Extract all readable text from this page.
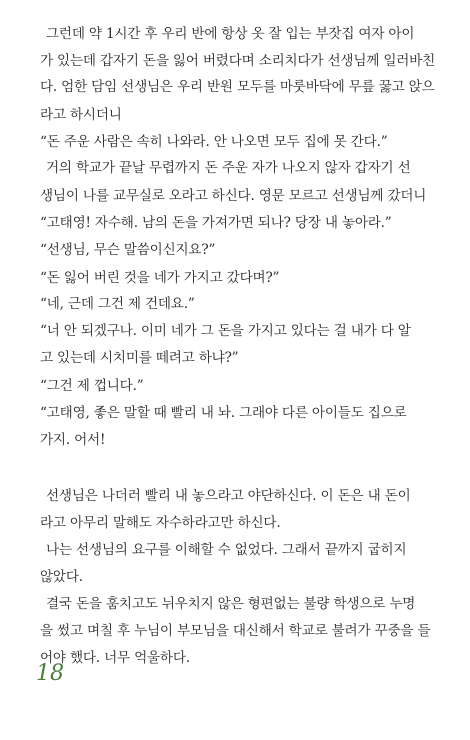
그런데 약 1시간 후 우리 반에 항상 옷 잘 입는 부잣집 여자 아이
가 있는데 갑자기 돈을 잃어 버렸다며 소리치다가 선생님께 일러바친
다. 엄한 담임 선생님은 우리 반원 모두를 마룻바닥에 무릎 꿇고 앉으
라고 하시더니
“돈 주운 사람은 속히 나와라. 안 나오면 모두 집에 못 간다.”
거의 학교가 끝날 무렵까지 돈 주운 자가 나오지 않자 갑자기 선
생님이 나를 교무실로 오라고 하신다. 영문 모르고 선생님께 갔더니
“고태영! 자수해. 남의 돈을 가져가면 되나? 당장 내 놓아라.”
“선생님, 무슨 말씀이신지요?”
“돈 잃어 버린 것을 네가 가지고 갔다며?”
“네, 근데 그건 제 건데요.”
“너 안 되겠구나. 이미 네가 그 돈을 가지고 있다는 걸 내가 다 알
고 있는데 시치미를 떼려고 하냐?”
“그건 제 껍니다.”
“고태영, 좋은 말할 때 빨리 내 놔. 그래야 다른 아이들도 집으로
가지. 어서!
선생님은 나더러 빨리 내 놓으라고 야단하신다. 이 돈은 내 돈이
라고 아무리 말해도 자수하라고만 하신다.
나는 선생님의 요구를 이해할 수 없었다. 그래서 끝까지 굽히지
않았다.
결국 돈을 훔치고도 뉘우치지 않은 형편없는 불량 학생으로 누명
을 썼고 며칠 후 누님이 부모님을 대신해서 학교로 불려가 꾸중을 들
어야 했다. 너무 억울하다.
18
